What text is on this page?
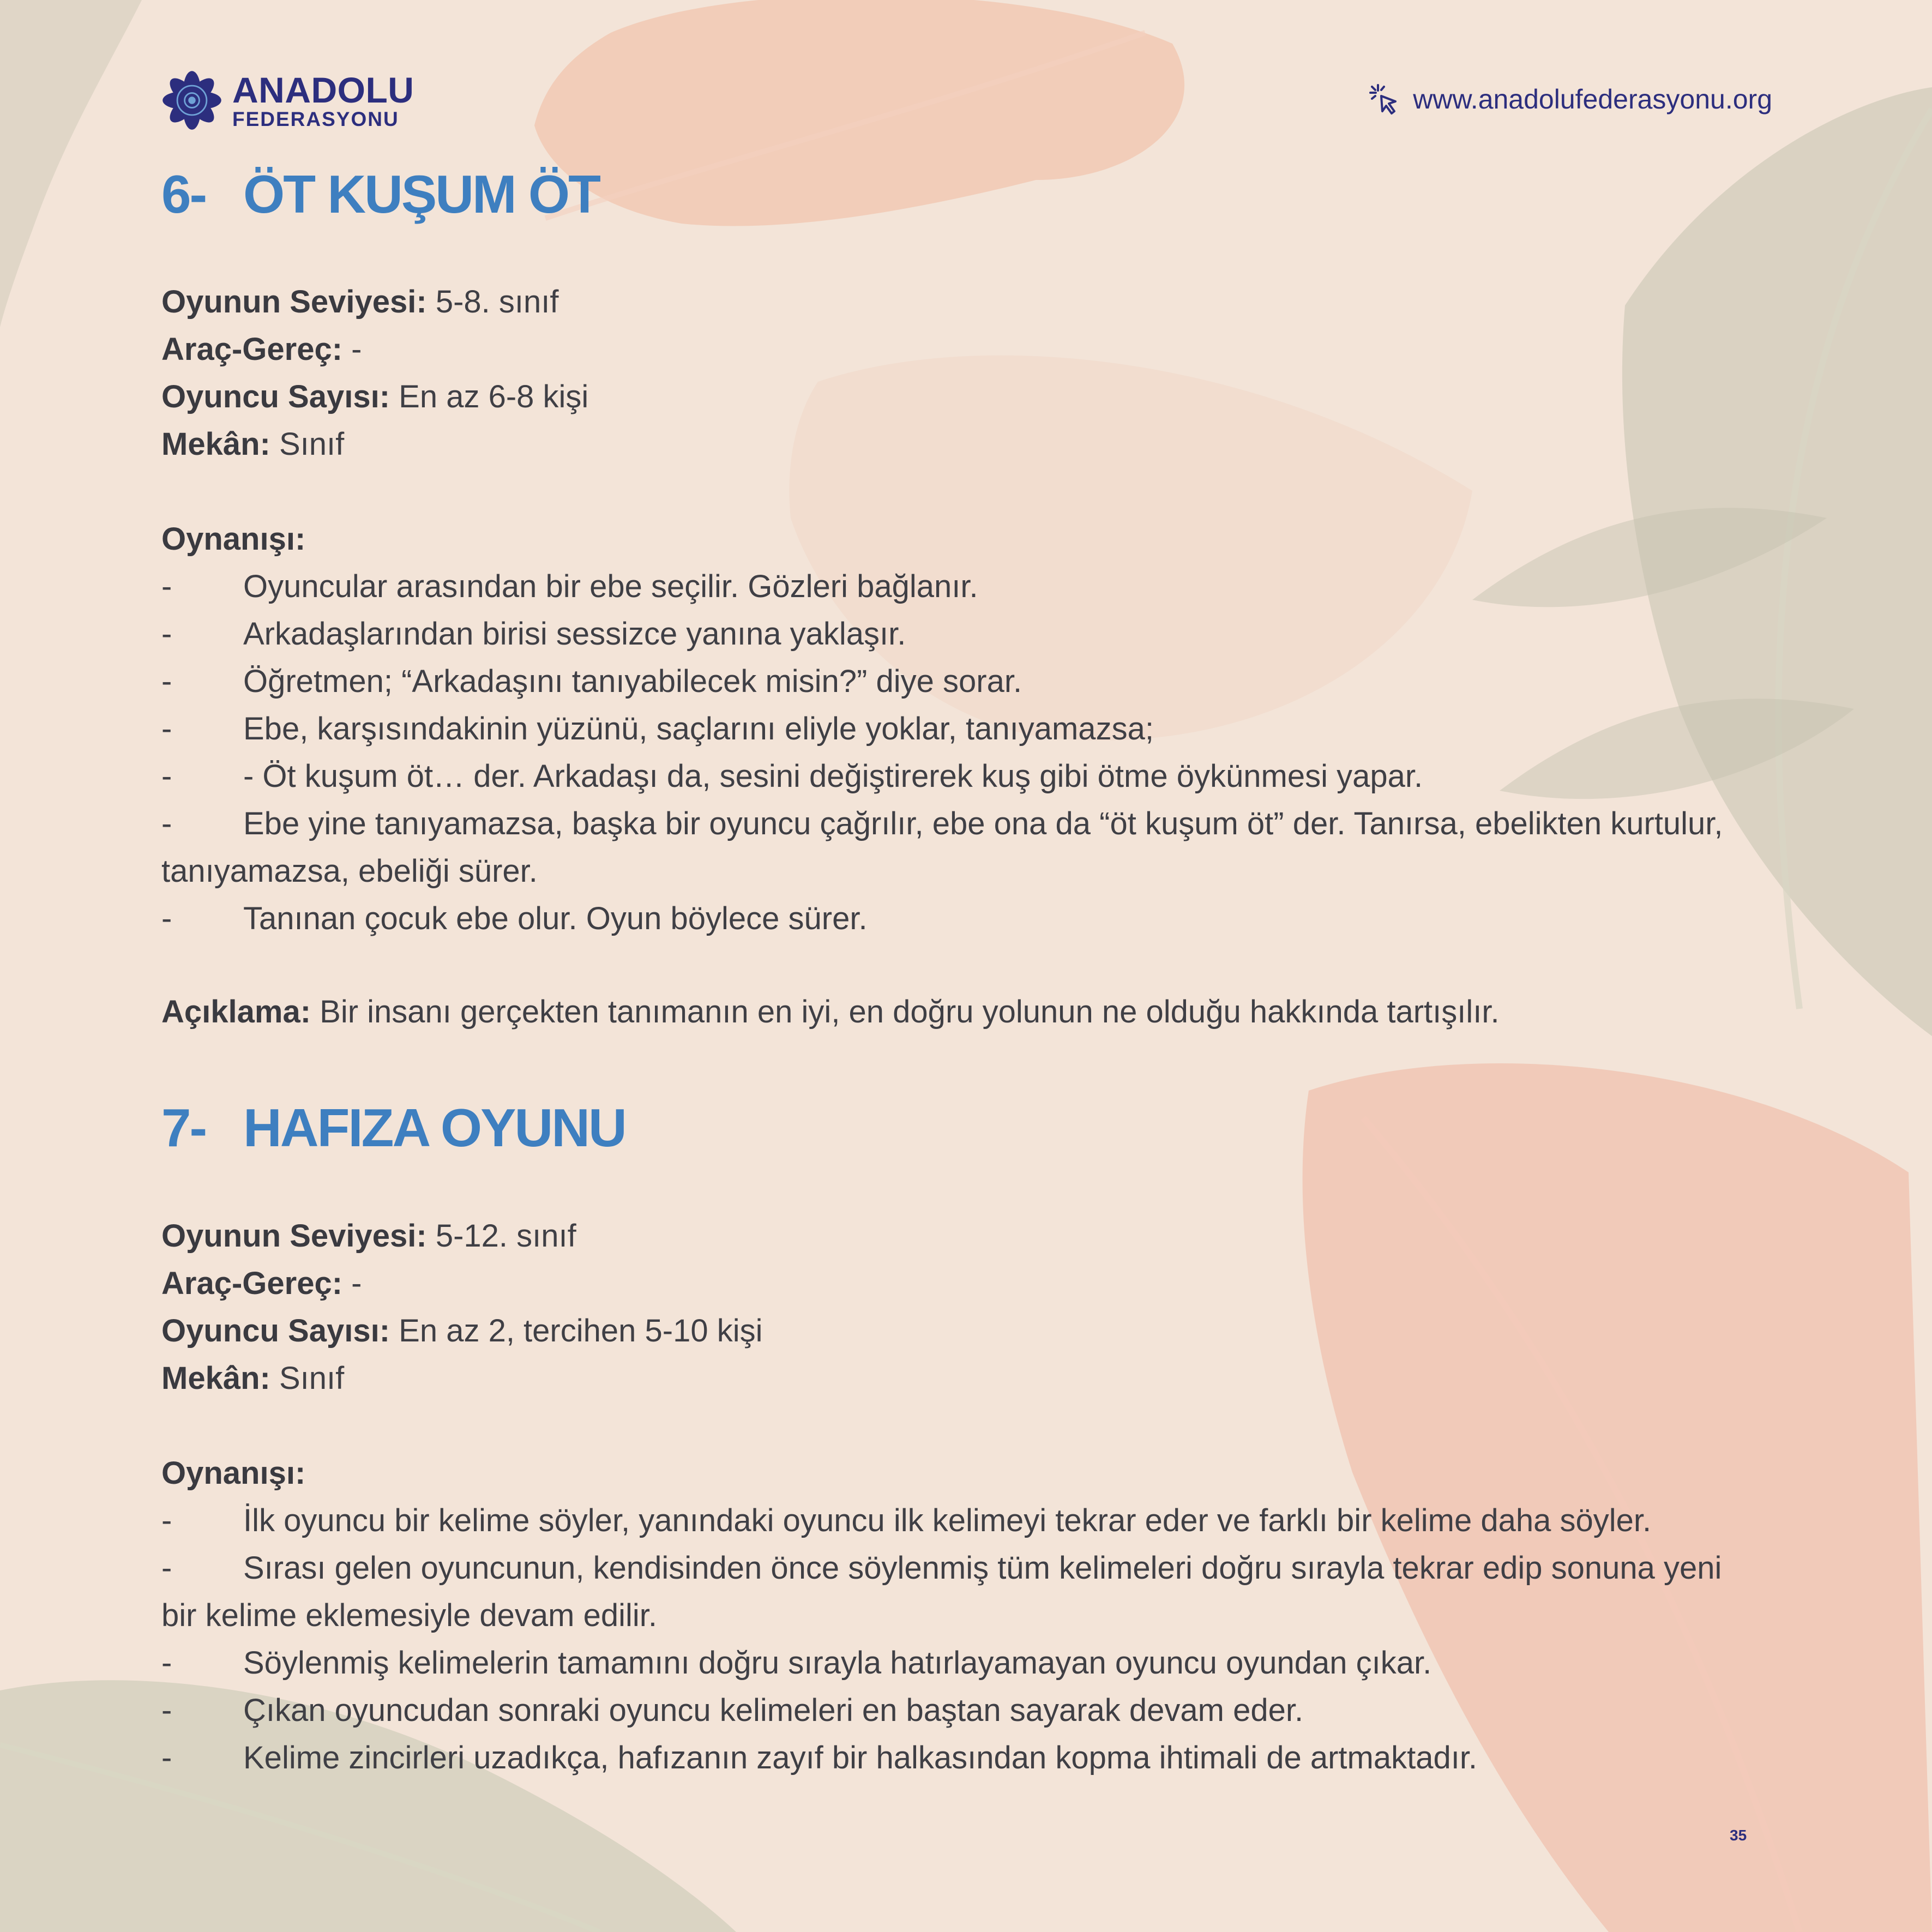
ANADOLU
FEDERASYONU
www.anadolufederasyonu.org
6- ÖT KUŞUM ÖT
Oyunun Seviyesi: 5-8. sınıf
Araç-Gereç: -
Oyuncu Sayısı: En az 6-8 kişi
Mekân: Sınıf
Oynanışı:
- Oyuncular arasından bir ebe seçilir. Gözleri bağlanır.
- Arkadaşlarından birisi sessizce yanına yaklaşır.
- Öğretmen; “Arkadaşını tanıyabilecek misin?” diye sorar.
- Ebe, karşısındakinin yüzünü, saçlarını eliyle yoklar, tanıyamazsa;
- - Öt kuşum öt… der. Arkadaşı da, sesini değiştirerek kuş gibi ötme öykünmesi yapar.
- Ebe yine tanıyamazsa, başka bir oyuncu çağrılır, ebe ona da “öt kuşum öt” der. Tanırsa, ebelikten kurtulur,
tanıyamazsa, ebeliği sürer.
- Tanınan çocuk ebe olur. Oyun böylece sürer.
Açıklama: Bir insanı gerçekten tanımanın en iyi, en doğru yolunun ne olduğu hakkında tartışılır.
7- HAFIZA OYUNU
Oyunun Seviyesi: 5-12. sınıf
Araç-Gereç: -
Oyuncu Sayısı: En az 2, tercihen 5-10 kişi
Mekân: Sınıf
Oynanışı:
- İlk oyuncu bir kelime söyler, yanındaki oyuncu ilk kelimeyi tekrar eder ve farklı bir kelime daha söyler.
- Sırası gelen oyuncunun, kendisinden önce söylenmiş tüm kelimeleri doğru sırayla tekrar edip sonuna yeni
bir kelime eklemesiyle devam edilir.
- Söylenmiş kelimelerin tamamını doğru sırayla hatırlayamayan oyuncu oyundan çıkar.
- Çıkan oyuncudan sonraki oyuncu kelimeleri en baştan sayarak devam eder.
- Kelime zincirleri uzadıkça, hafızanın zayıf bir halkasından kopma ihtimali de artmaktadır.
35
